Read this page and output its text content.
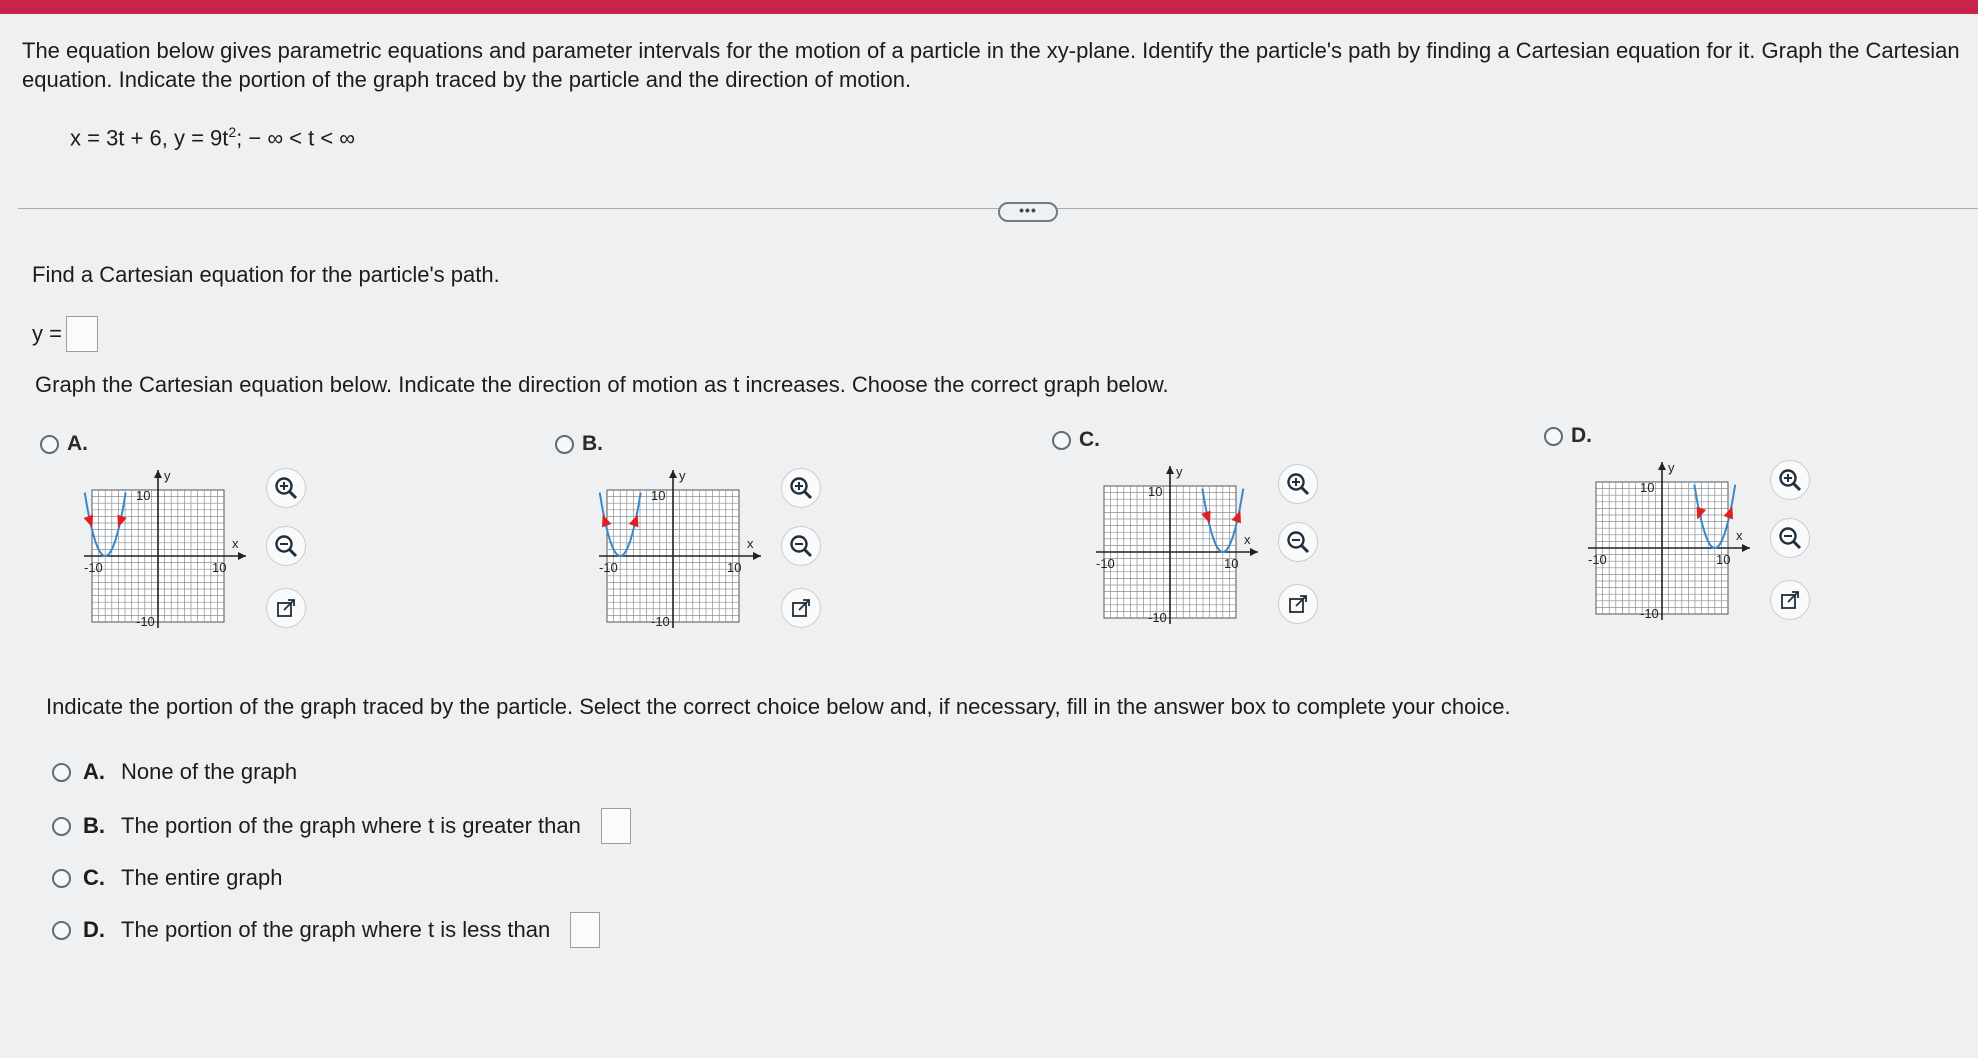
The equation below gives parametric equations and parameter intervals for the motion of a particle in the xy-plane. Identify the particle's path by finding a Cartesian equation for it. Graph the Cartesian equation. Indicate the portion of the graph traced by the particle and the direction of motion.
x = 3t + 6, $y = 9t^2$; − ∞ < t < ∞
•••
Find a Cartesian equation for the particle's path.
y =
Graph the Cartesian equation below. Indicate the direction of motion as t increases. Choose the correct graph below.
A.
y
x
10
-10	10
-10
B.
y
x
10
-10	10
-10
C.
y
x
10
-10	10
-10
D.
y
x
10
-10	10
-10
Indicate the portion of the graph traced by the particle. Select the correct choice below and, if necessary, fill in the answer box to complete your choice.
A. None of the graph
B. The portion of the graph where t is greater than
C. The entire graph
D. The portion of the graph where t is less than
